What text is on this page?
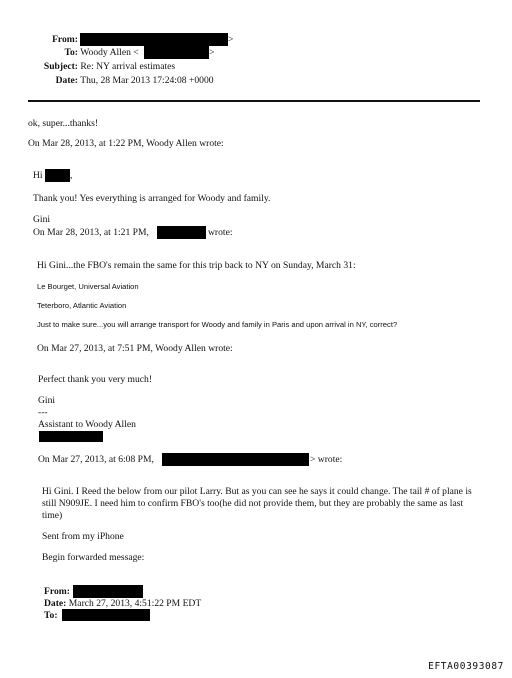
From:	>
To: Woody Allen <	>
Subject: Re: NY arrival estimates
Date: Thu, 28 Mar 2013 17:24:08 +0000
ok, super...thanks!
On Mar 28, 2013, at 1:22 PM, Woody Allen wrote:
Hi	,
Thank you! Yes everything is arranged for Woody and family.
Gini
On Mar 28, 2013, at 1:21 PM,	wrote:
Hi Gini...the FBO's remain the same for this trip back to NY on Sunday, March 31:
Le Bourget, Universal Aviation
Teterboro, Atlantic Aviation
Just to make sure...you will arrange transport for Woody and family in Paris and upon arrival in NY, correct?
On Mar 27, 2013, at 7:51 PM, Woody Allen wrote:
Perfect thank you very much!
Gini
---
Assistant to Woody Allen
On Mar 27, 2013, at 6:08 PM,	> wrote:
Hi Gini. I Reed the below from our pilot Larry. But as you can see he says it could change. The tail # of plane is still N909JE. I need him to confirm FBO's too(he did not provide them, but they are probably the same as last time)
Sent from my iPhone
Begin forwarded message:
From:
Date: March 27, 2013, 4:51:22 PM EDT
To:
EFTA00393087
